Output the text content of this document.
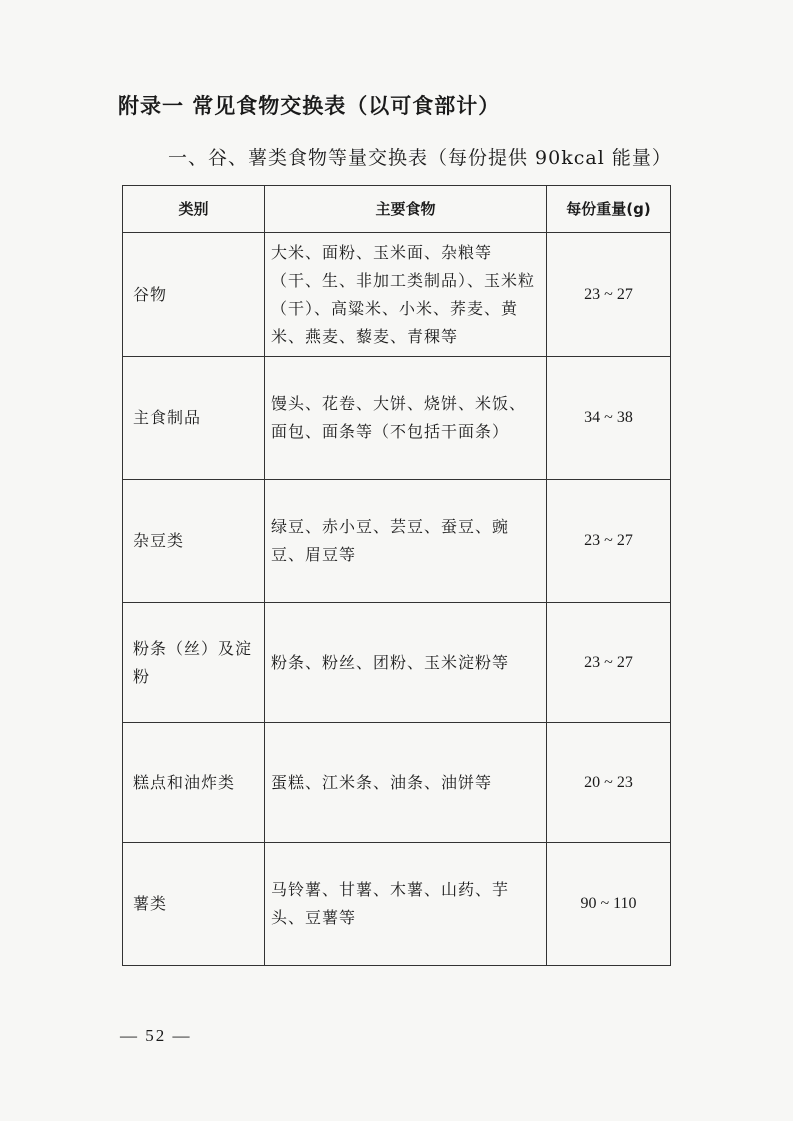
附录一 常见食物交换表（以可食部计）
一、谷、薯类食物等量交换表（每份提供 90kcal 能量）
类别	主要食物	每份重量(g)
谷物	大米、面粉、玉米面、杂粮等（干、生、非加工类制品）、玉米粒（干）、高粱米、小米、荞麦、黄米、燕麦、藜麦、青稞等	23 ~ 27
主食制品	馒头、花卷、大饼、烧饼、米饭、面包、面条等（不包括干面条）	34 ~ 38
杂豆类	绿豆、赤小豆、芸豆、蚕豆、豌豆、眉豆等	23 ~ 27
粉条（丝）及淀粉	粉条、粉丝、团粉、玉米淀粉等	23 ~ 27
糕点和油炸类	蛋糕、江米条、油条、油饼等	20 ~ 23
薯类	马铃薯、甘薯、木薯、山药、芋头、豆薯等	90 ~ 110
— 52 —
